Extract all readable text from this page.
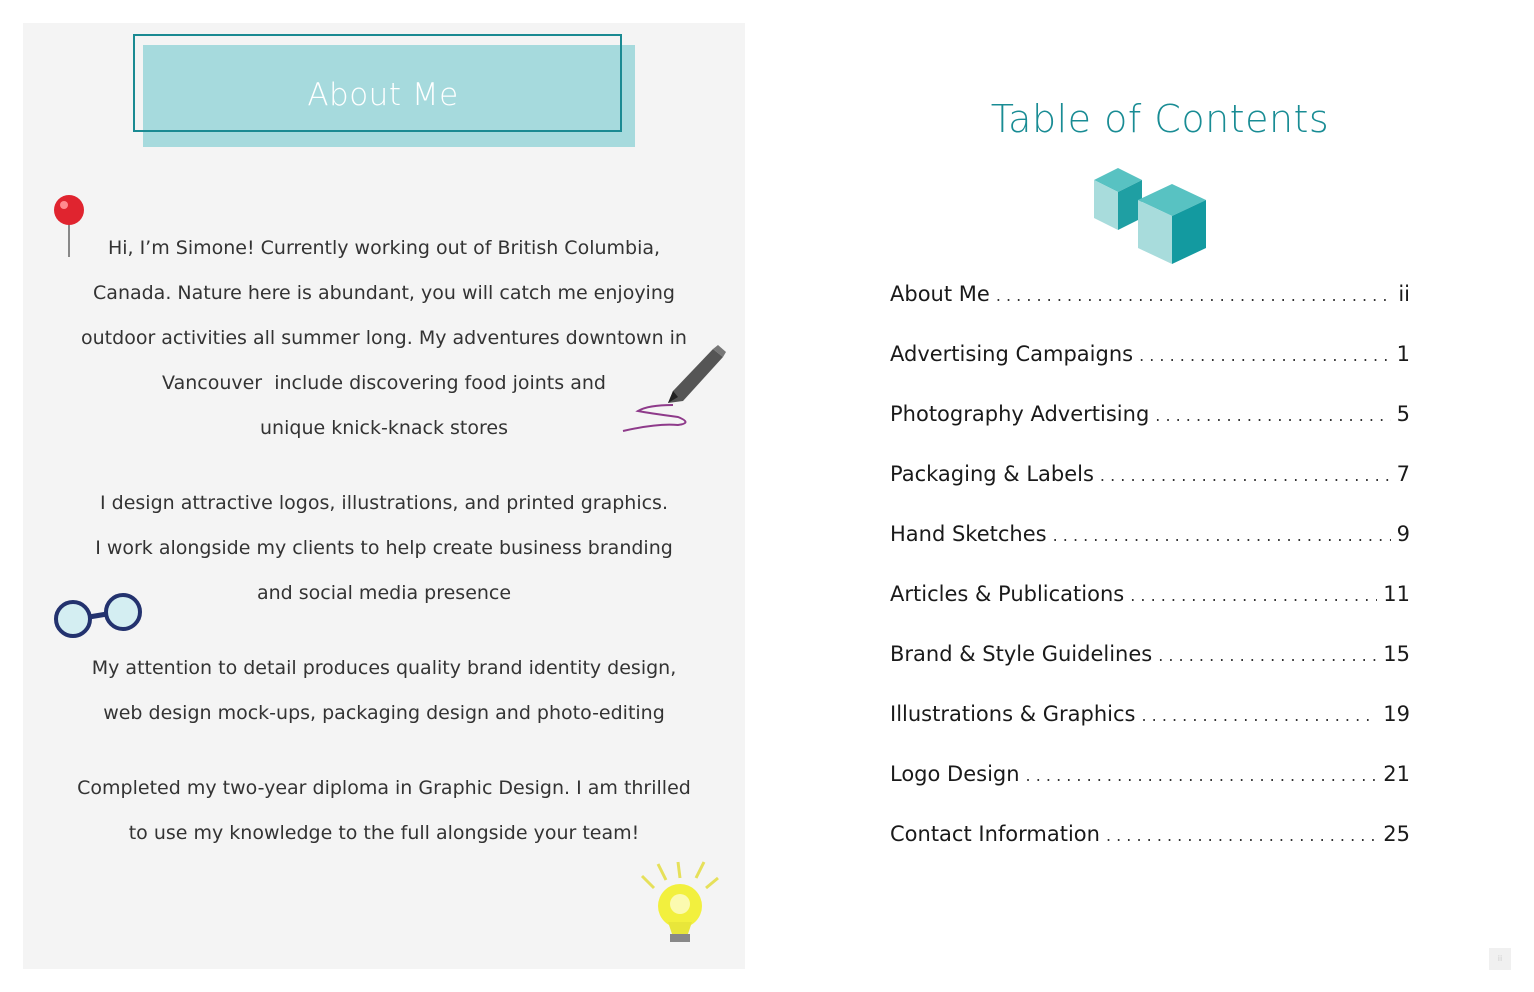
About Me

Hi, I’m Simone! Currently working out of British Columbia,

Canada. Nature here is abundant, you will catch me enjoying

outdoor activities all summer long. My adventures downtown in

Vancouver  include discovering food joints and

unique knick-knack stores

I design attractive logos, illustrations, and printed graphics.

I work alongside my clients to help create business branding

and social media presence

My attention to detail produces quality brand identity design,

web design mock-ups, packaging design and photo-editing

Completed my two-year diploma in Graphic Design. I am thrilled

to use my knowledge to the full alongside your team!

Table of Contents
About Me . . .	ii
Advertising Campaigns . . .	1
Photography Advertising . . .	5
Packaging & Labels . . .	7
Hand Sketches . . .	9
Articles & Publications . . .	11
Brand & Style Guidelines . . .	15
Illustrations & Graphics . . .	19
Logo Design . . .	21
Contact Information . . .	25
ii
